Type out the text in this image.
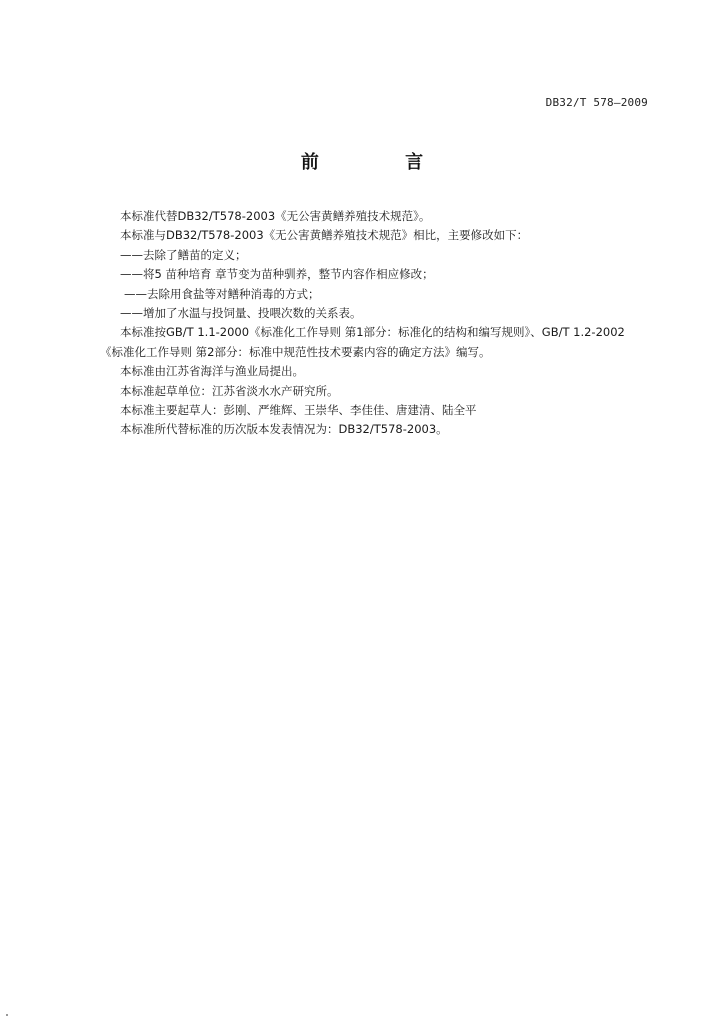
DB32/T 578—2009
前 言

本标准代替DB32/T578-2003《无公害黄鳝养殖技术规范》。

本标准与DB32/T578-2003《无公害黄鳝养殖技术规范》相比，主要修改如下：

——去除了鳝苗的定义；

——将5 苗种培育 章节变为苗种驯养，整节内容作相应修改；

——去除用食盐等对鳝种消毒的方式；

——增加了水温与投饲量、投喂次数的关系表。

本标准按GB/T 1.1-2000《标准化工作导则 第1部分：标准化的结构和编写规则》、GB/T 1.2-2002

《标准化工作导则 第2部分：标准中规范性技术要素内容的确定方法》编写。

本标准由江苏省海洋与渔业局提出。

本标准起草单位：江苏省淡水水产研究所。

本标准主要起草人：彭刚、严维辉、王崇华、李佳佳、唐建清、陆全平

本标准所代替标准的历次版本发表情况为：DB32/T578-2003。
